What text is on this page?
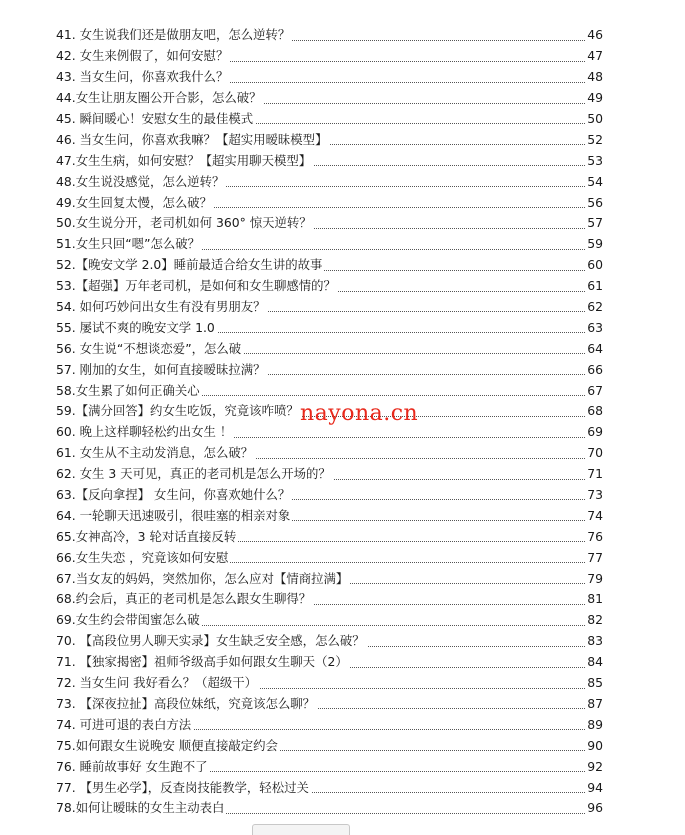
41. 女生说我们还是做朋友吧，怎么逆转？	46
42. 女生来例假了，如何安慰？	47
43. 当女生问，你喜欢我什么？	48
44.女生让朋友圈公开合影，怎么破？	49
45. 瞬间暖心！安慰女生的最佳模式	50
46. 当女生问，你喜欢我嘛？【超实用暧昧模型】	52
47.女生生病，如何安慰？【超实用聊天模型】	53
48.女生说没感觉，怎么逆转？	54
49.女生回复太慢，怎么破？	56
50.女生说分开，老司机如何 360° 惊天逆转？	57
51.女生只回“嗯”怎么破？	59
52.【晚安文学 2.0】睡前最适合给女生讲的故事	60
53.【超强】万年老司机，是如何和女生聊感情的？	61
54. 如何巧妙问出女生有没有男朋友？	62
55. 屡试不爽的晚安文学 1.0	63
56. 女生说“不想谈恋爱”，怎么破	64
57. 刚加的女生，如何直接暧昧拉满？	66
58.女生累了如何正确关心	67
59.【满分回答】约女生吃饭，究竟该咋喷？	68
60. 晚上这样聊轻松约出女生 ！	69
61. 女生从不主动发消息，怎么破？	70
62. 女生 3 天可见，真正的老司机是怎么开场的？	71
63.【反向拿捏】 女生问，你喜欢她什么？	73
64. 一轮聊天迅速吸引，很哇塞的相亲对象	74
65.女神高冷，3 轮对话直接反转	76
66.女生失恋 ，究竟该如何安慰	77
67.当女友的妈妈，突然加你，怎么应对【情商拉满】	79
68.约会后，真正的老司机是怎么跟女生聊得？	81
69.女生约会带闺蜜怎么破	82
70. 【高段位男人聊天实录】女生缺乏安全感，怎么破？	83
71. 【独家揭密】祖师爷级高手如何跟女生聊天（2）	84
72. 当女生问 我好看么？（超级干）	85
73. 【深夜拉扯】高段位妹纸，究竟该怎么聊？	87
74. 可进可退的表白方法	89
75.如何跟女生说晚安 顺便直接敲定约会	90
76. 睡前故事好 女生跑不了	92
77. 【男生必学】，反查岗技能教学，轻松过关	94
78.如何让暧昧的女生主动表白	96
nayona.cn
